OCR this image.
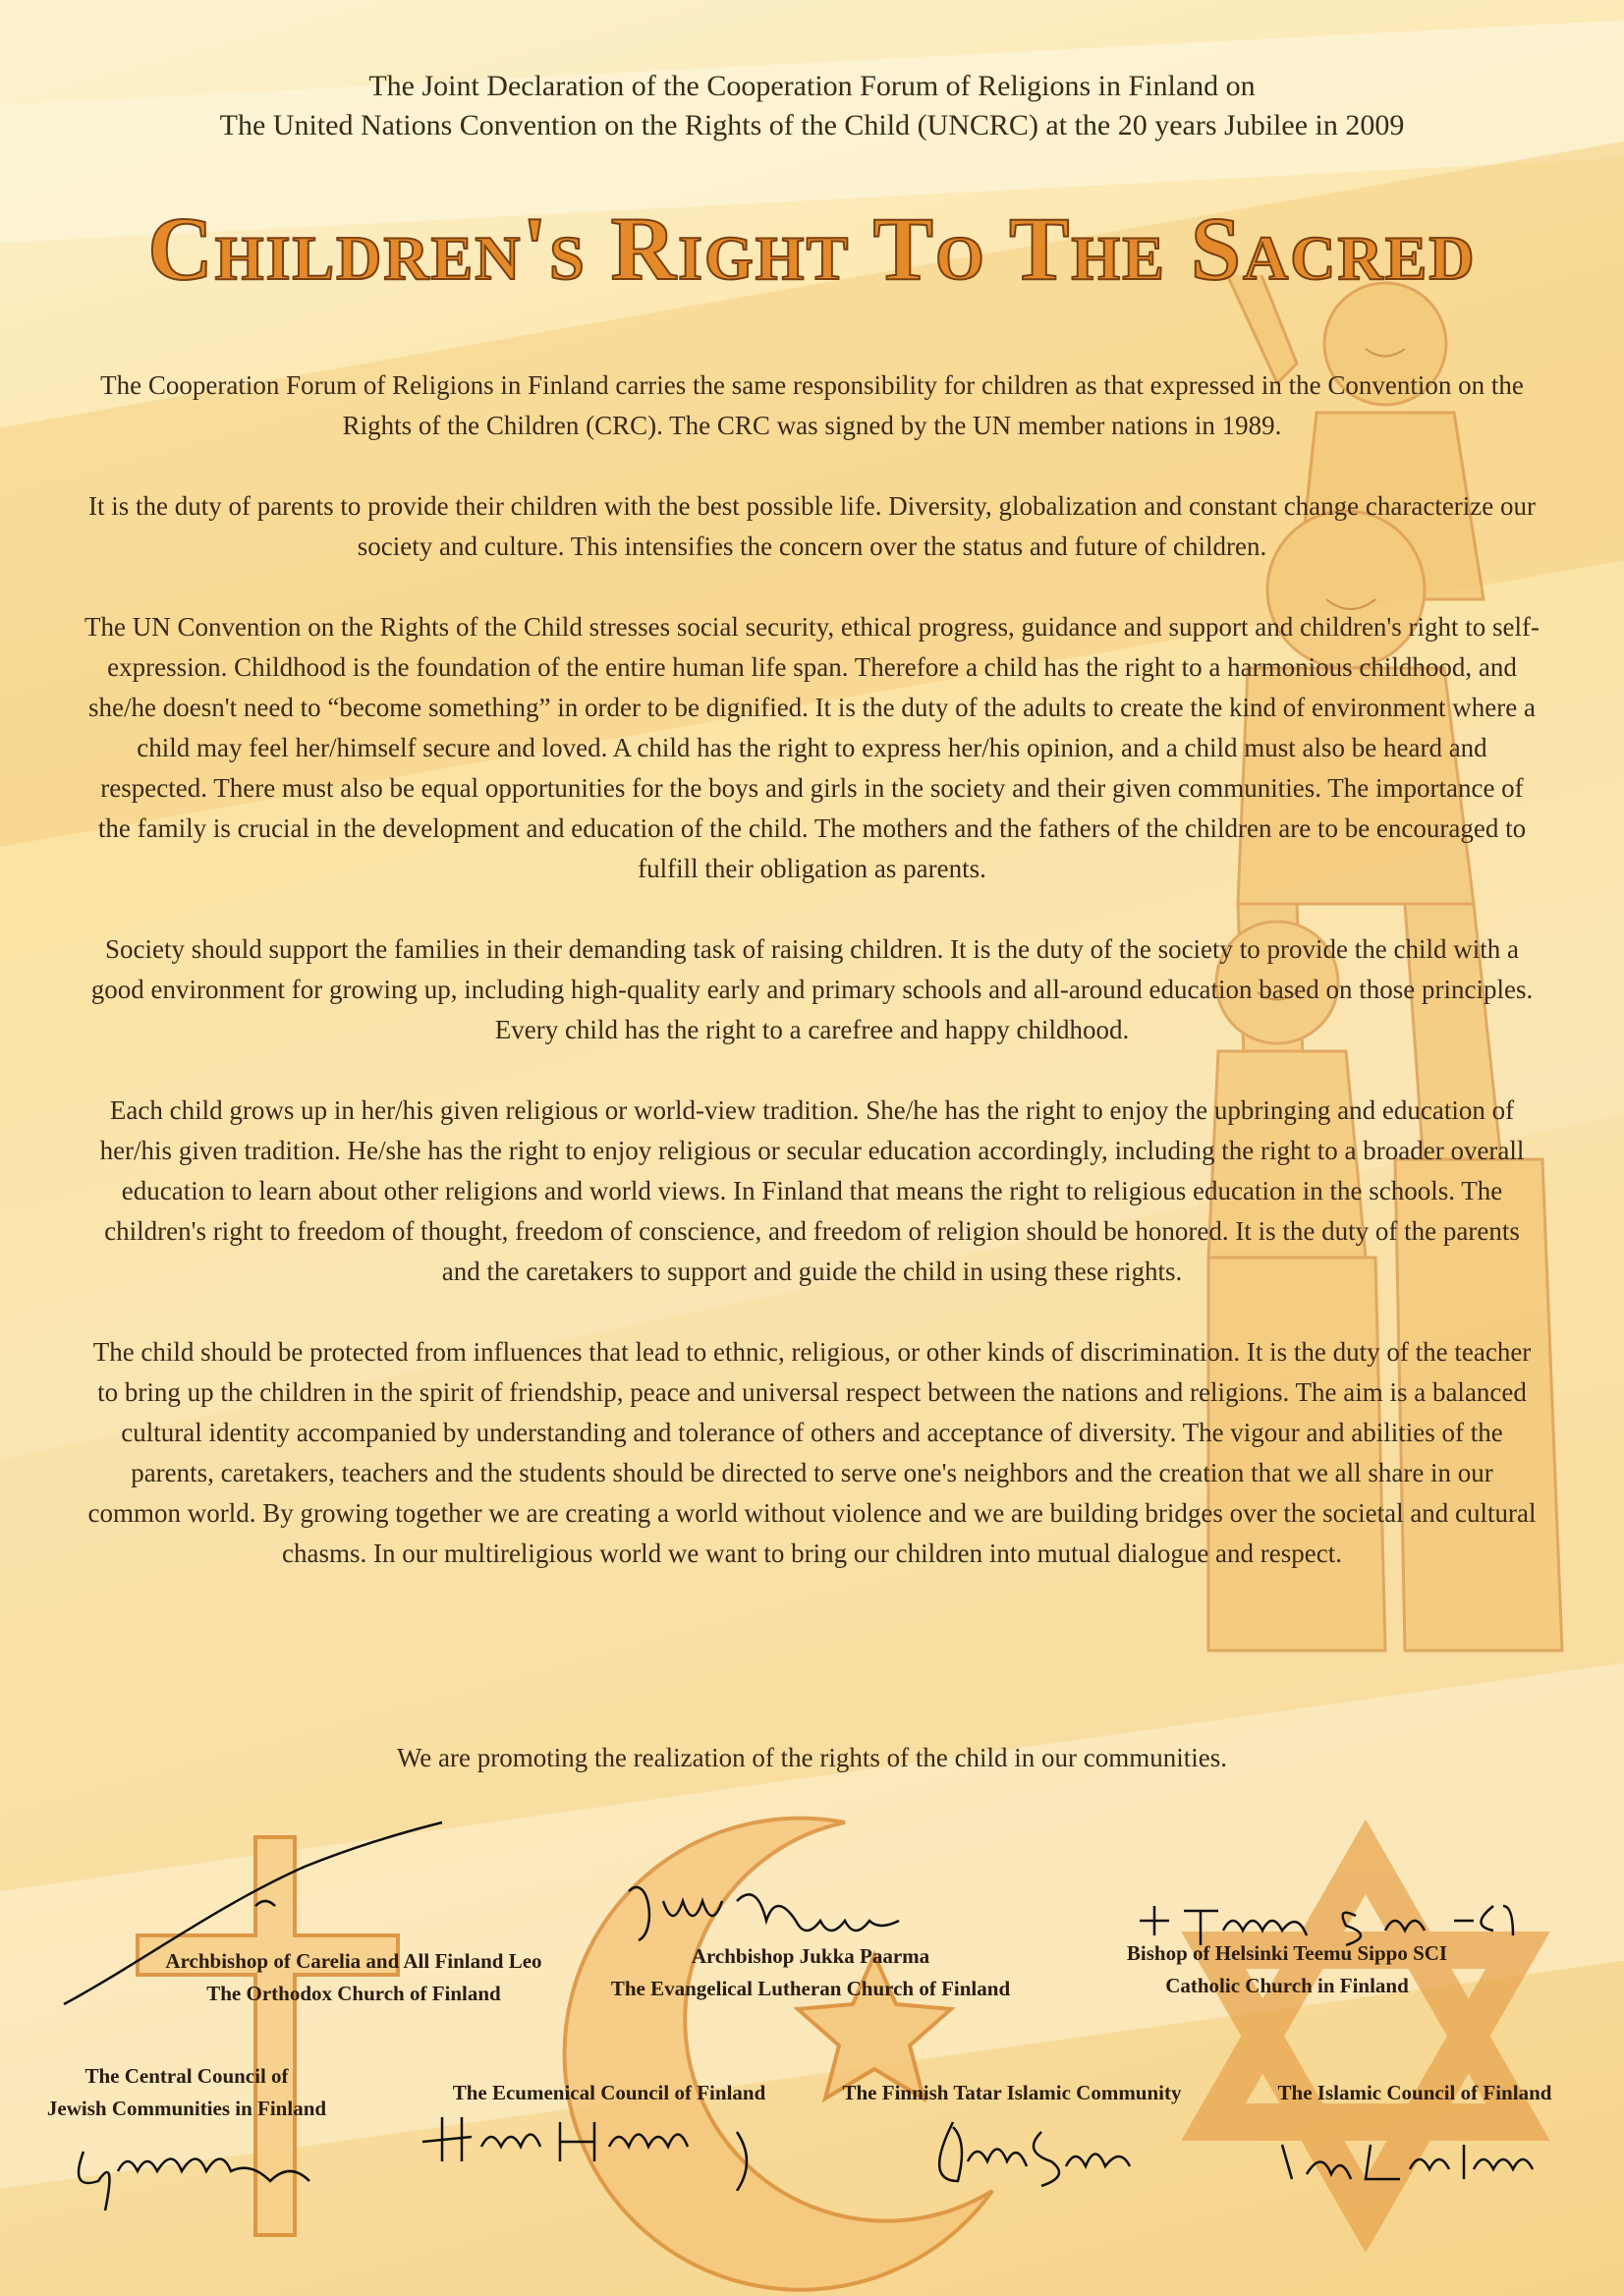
The Joint Declaration of the Cooperation Forum of Religions in Finland on
The United Nations Convention on the Rights of the Child (UNCRC) at the 20 years Jubilee in 2009
Children's Right To The Sacred

The Cooperation Forum of Religions in Finland carries the same responsibility for children as that expressed in the Convention on the Rights of the Children (CRC). The CRC was signed by the UN member nations in 1989.

It is the duty of parents to provide their children with the best possible life. Diversity, globalization and constant change characterize our society and culture. This intensifies the concern over the status and future of children.

The UN Convention on the Rights of the Child stresses social security, ethical progress, guidance and support and children's right to self-expression. Childhood is the foundation of the entire human life span. Therefore a child has the right to a harmonious childhood, and she/he doesn't need to “become something” in order to be dignified. It is the duty of the adults to create the kind of environment where a child may feel her/himself secure and loved. A child has the right to express her/his opinion, and a child must also be heard and respected. There must also be equal opportunities for the boys and girls in the society and their given communities. The importance of the family is crucial in the development and education of the child. The mothers and the fathers of the children are to be encouraged to fulfill their obligation as parents.

Society should support the families in their demanding task of raising children. It is the duty of the society to provide the child with a good environment for growing up, including high-quality early and primary schools and all-around education based on those principles. Every child has the right to a carefree and happy childhood.

Each child grows up in her/his given religious or world-view tradition. She/he has the right to enjoy the upbringing and education of her/his given tradition. He/she has the right to enjoy religious or secular education accordingly, including the right to a broader overall education to learn about other religions and world views. In Finland that means the right to religious education in the schools. The children's right to freedom of thought, freedom of conscience, and freedom of religion should be honored. It is the duty of the parents and the caretakers to support and guide the child in using these rights.

The child should be protected from influences that lead to ethnic, religious, or other kinds of discrimination. It is the duty of the teacher to bring up the children in the spirit of friendship, peace and universal respect between the nations and religions. The aim is a balanced cultural identity accompanied by understanding and tolerance of others and acceptance of diversity. The vigour and abilities of the parents, caretakers, teachers and the students should be directed to serve one's neighbors and the creation that we all share in our common world. By growing together we are creating a world without violence and we are building bridges over the societal and cultural chasms. In our multireligious world we want to bring our children into mutual dialogue and respect.

We are promoting the realization of the rights of the child in our communities.
Archbishop of Carelia and All Finland Leo
The Orthodox Church of Finland
Archbishop Jukka Paarma
The Evangelical Lutheran Church of Finland
Bishop of Helsinki Teemu Sippo SCI
Catholic Church in Finland
The Central Council of
Jewish Communities in Finland
The Ecumenical Council of Finland	The Finnish Tatar Islamic Community	The Islamic Council of Finland
